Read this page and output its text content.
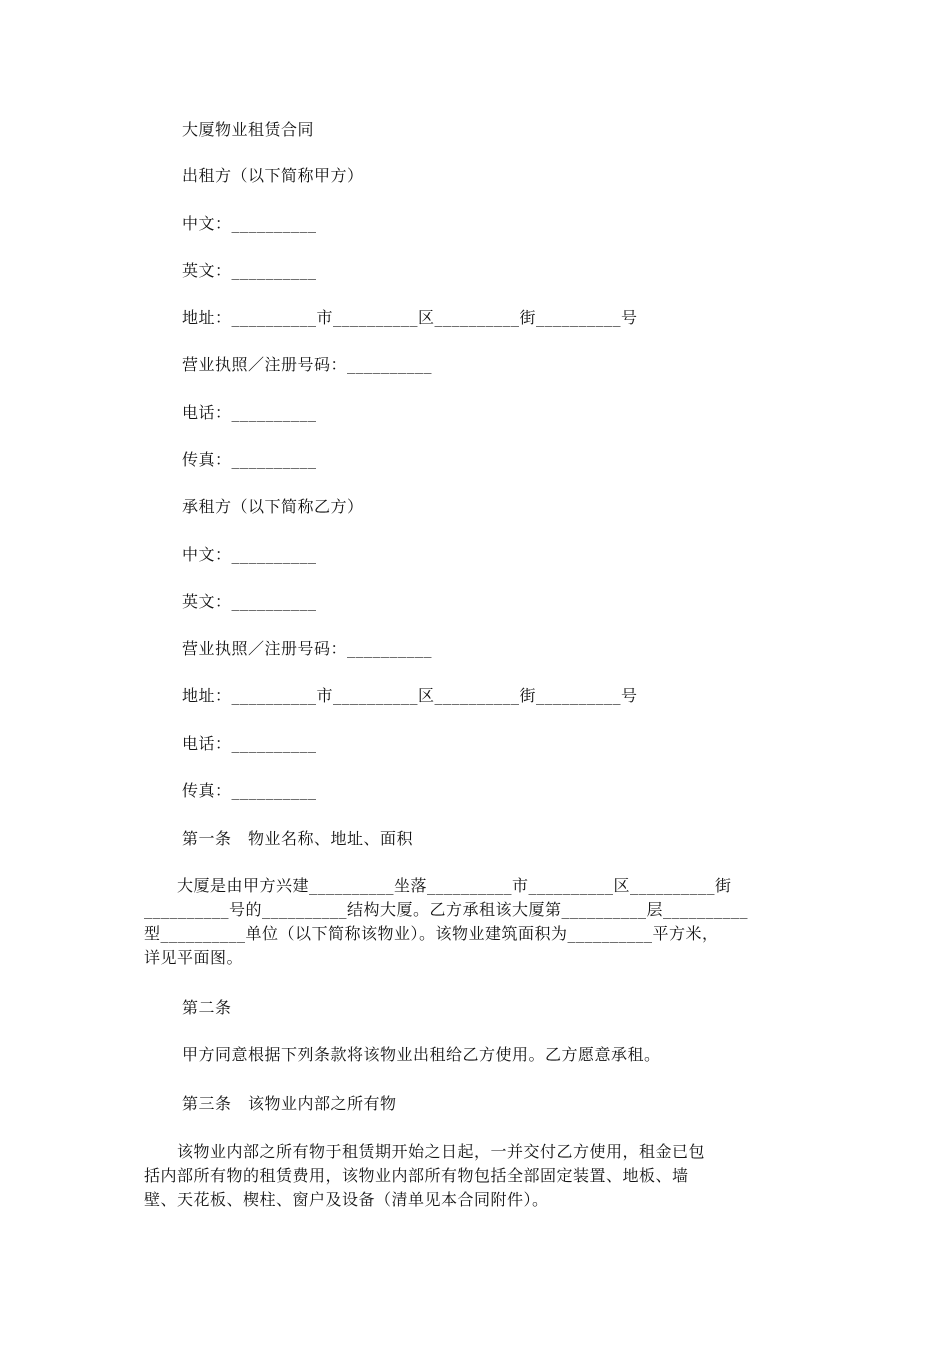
大厦物业租赁合同
出租方（以下简称甲方）
中文：__________
英文：__________
地址：__________市__________区__________街__________号
营业执照／注册号码：__________
电话：__________
传真：__________
承租方（以下简称乙方）
中文：__________
英文：__________
营业执照／注册号码：__________
地址：__________市__________区__________街__________号
电话：__________
传真：__________
第一条　物业名称、地址、面积
　　大厦是由甲方兴建__________坐落__________市__________区__________街
__________号的__________结构大厦。乙方承租该大厦第__________层__________
型__________单位（以下简称该物业）。该物业建筑面积为__________平方米，
详见平面图。
第二条
甲方同意根据下列条款将该物业出租给乙方使用。乙方愿意承租。
第三条　该物业内部之所有物
　　该物业内部之所有物于租赁期开始之日起，一并交付乙方使用，租金已包
括内部所有物的租赁费用，该物业内部所有物包括全部固定装置、地板、墙
壁、天花板、楔柱、窗户及设备（清单见本合同附件）。
